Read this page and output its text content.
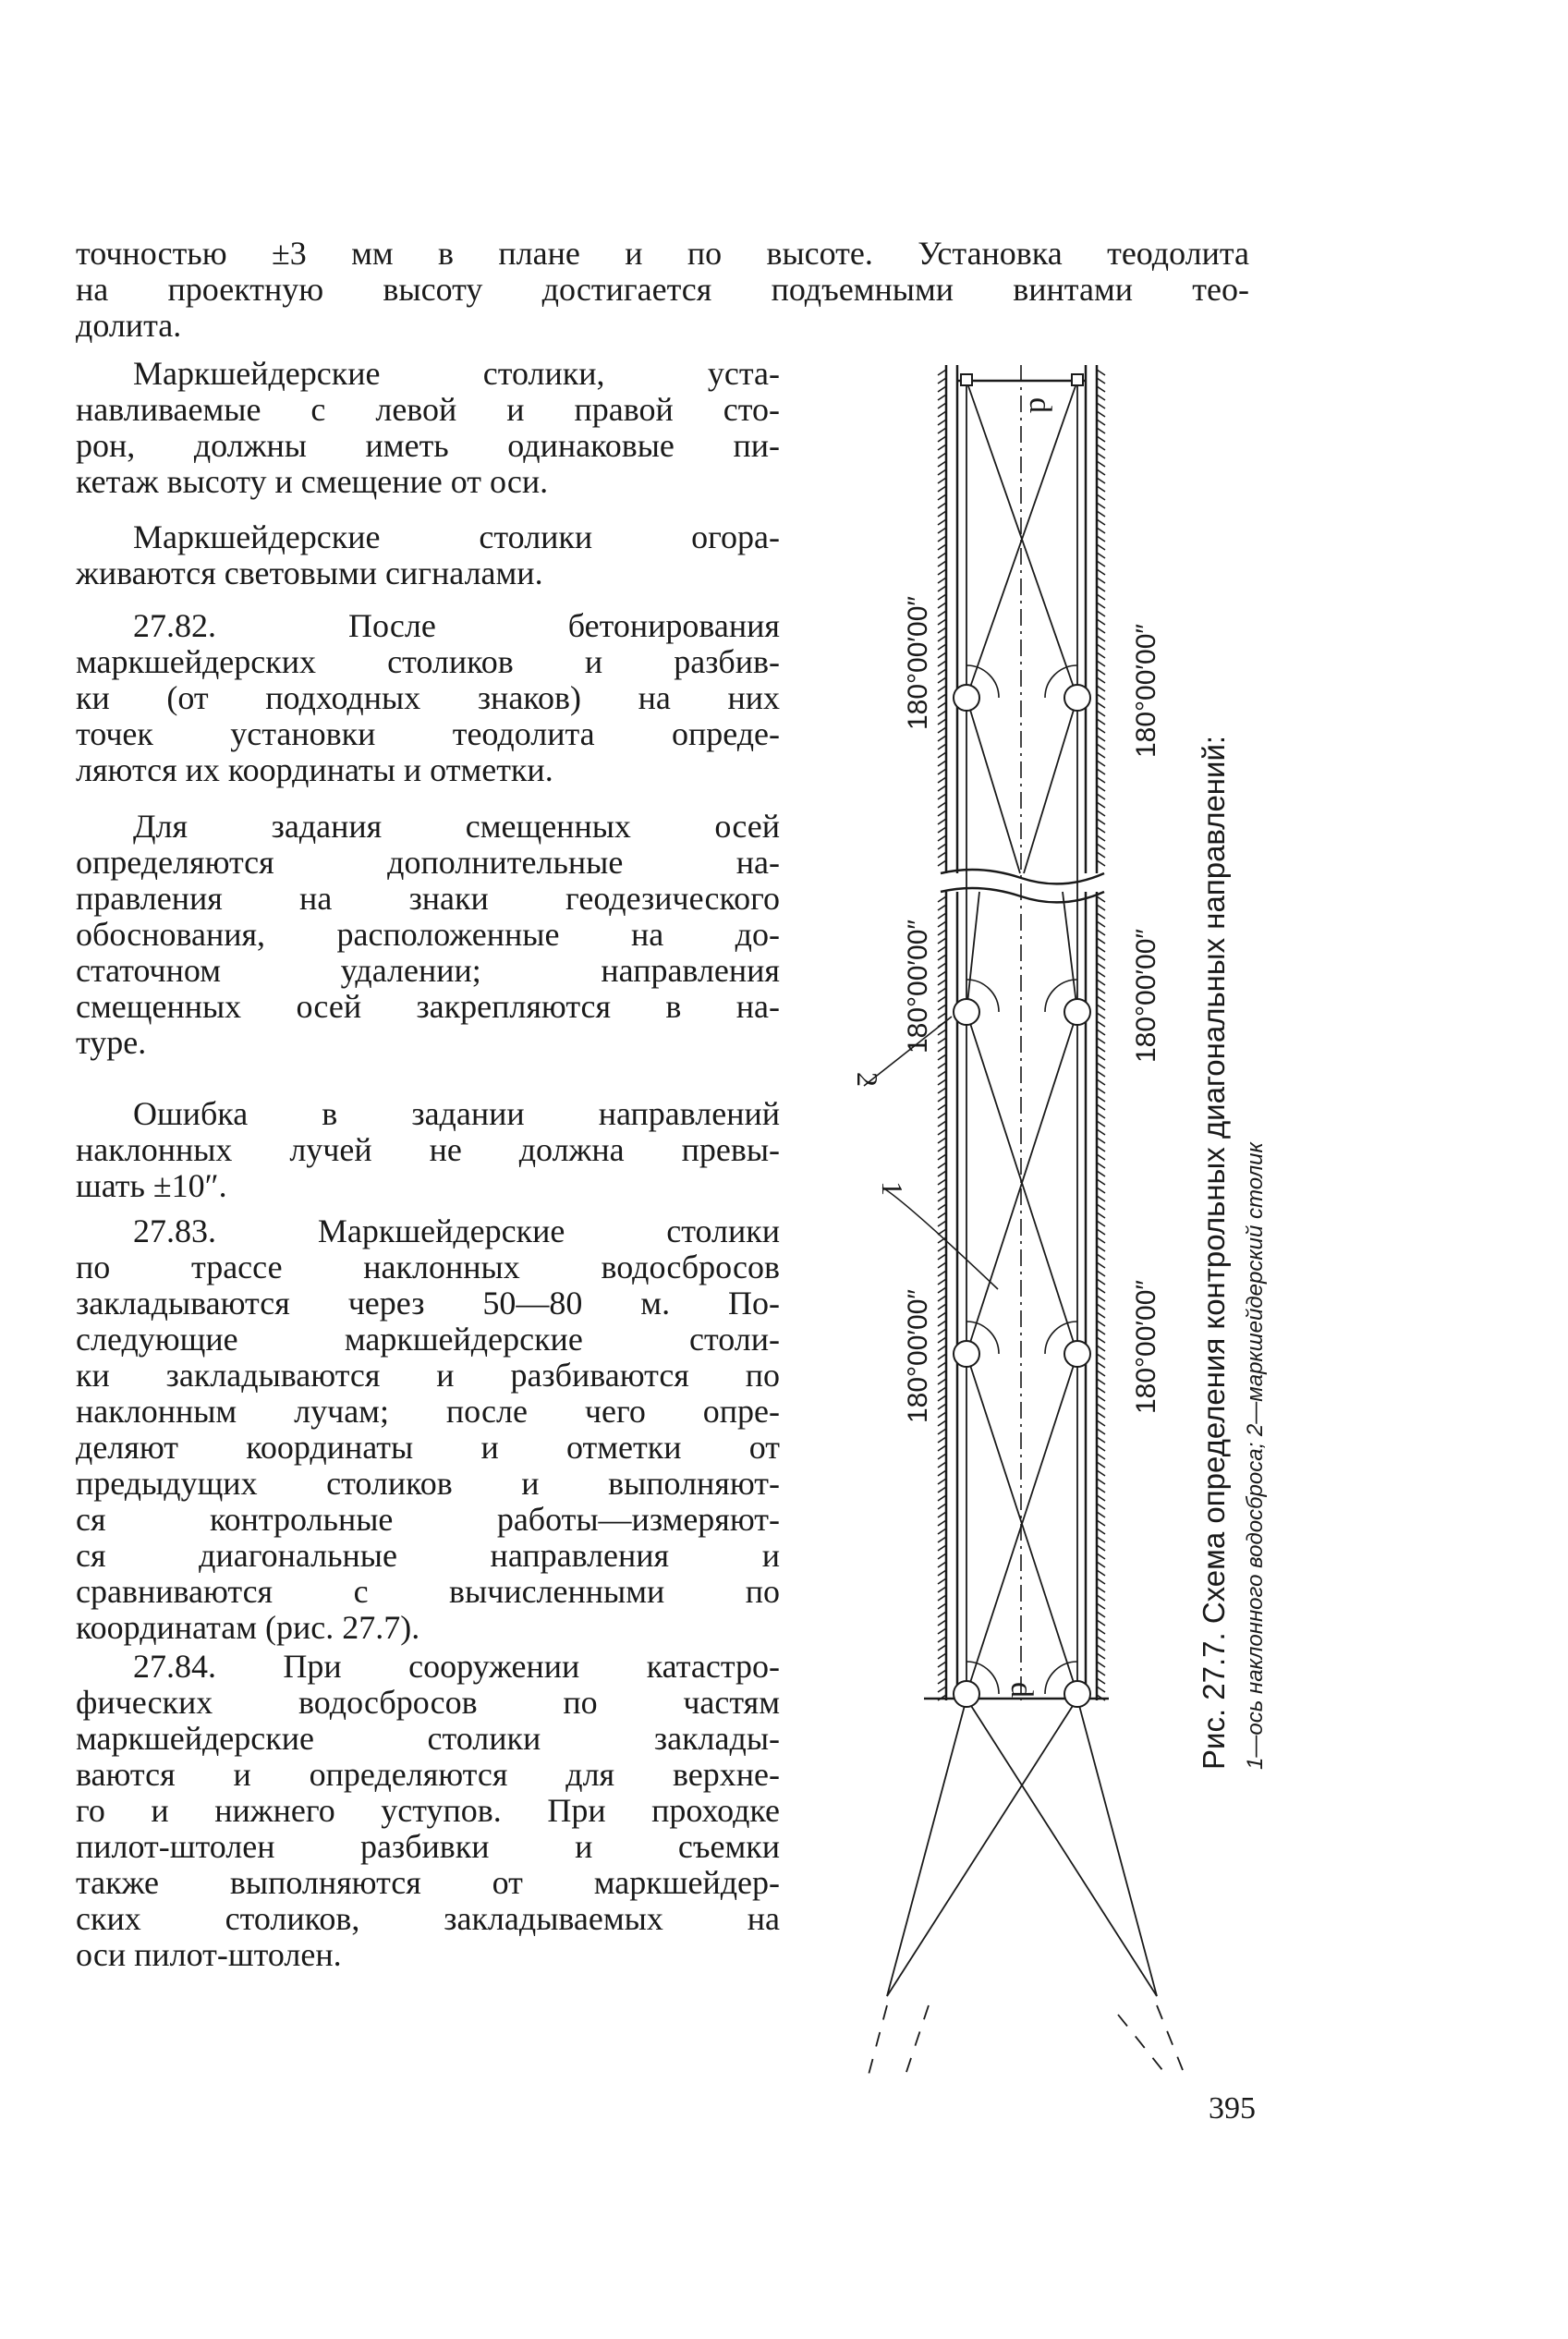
точностью ±3 мм в плане и по высоте. Установка теодолита
на проектную высоту достигается подъемными винтами тео-
долита.
Маркшейдерские столики, уста-
навливаемые с левой и правой сто-
рон, должны иметь одинаковые пи-
кетаж высоту и смещение от оси.
Маркшейдерские столики огора-
живаются световыми сигналами.
27.82. После бетонирования
маркшейдерских столиков и разбив-
ки (от подходных знаков) на них
точек установки теодолита опреде-
ляются их координаты и отметки.
Для задания смещенных осей
определяются дополнительные на-
правления на знаки геодезического
обоснования, расположенные на до-
статочном удалении; направления
смещенных осей закрепляются в на-
туре.
Ошибка в задании направлений
наклонных лучей не должна превы-
шать ±10″.
27.83. Маркшейдерские столики
по трассе наклонных водосбросов
закладываются через 50—80 м. По-
следующие маркшейдерские столи-
ки закладываются и разбиваются по
наклонным лучам; после чего опре-
деляют координаты и отметки от
предыдущих столиков и выполняют-
ся контрольные работы—измеряют-
ся диагональные направления и
сравниваются с вычисленными по
координатам (рис. 27.7).
27.84. При сооружении катастро-
фических водосбросов по частям
маркшейдерские столики заклады-
ваются и определяются для верхне-
го и нижнего уступов. При проходке
пилот-штолен разбивки и съемки
также выполняются от маркшейдер-
ских столиков, закладываемых на
оси пилот-штолен.
d
d
1
2
180°00′00″	180°00′00″
180°00′00″	180°00′00″
180°00′00″	180°00′00″ Рис. 27.7. Схема определения контрольных диагональных направлений: 1—ось наклонного водосброса; 2—маркшейдерский столик
395
